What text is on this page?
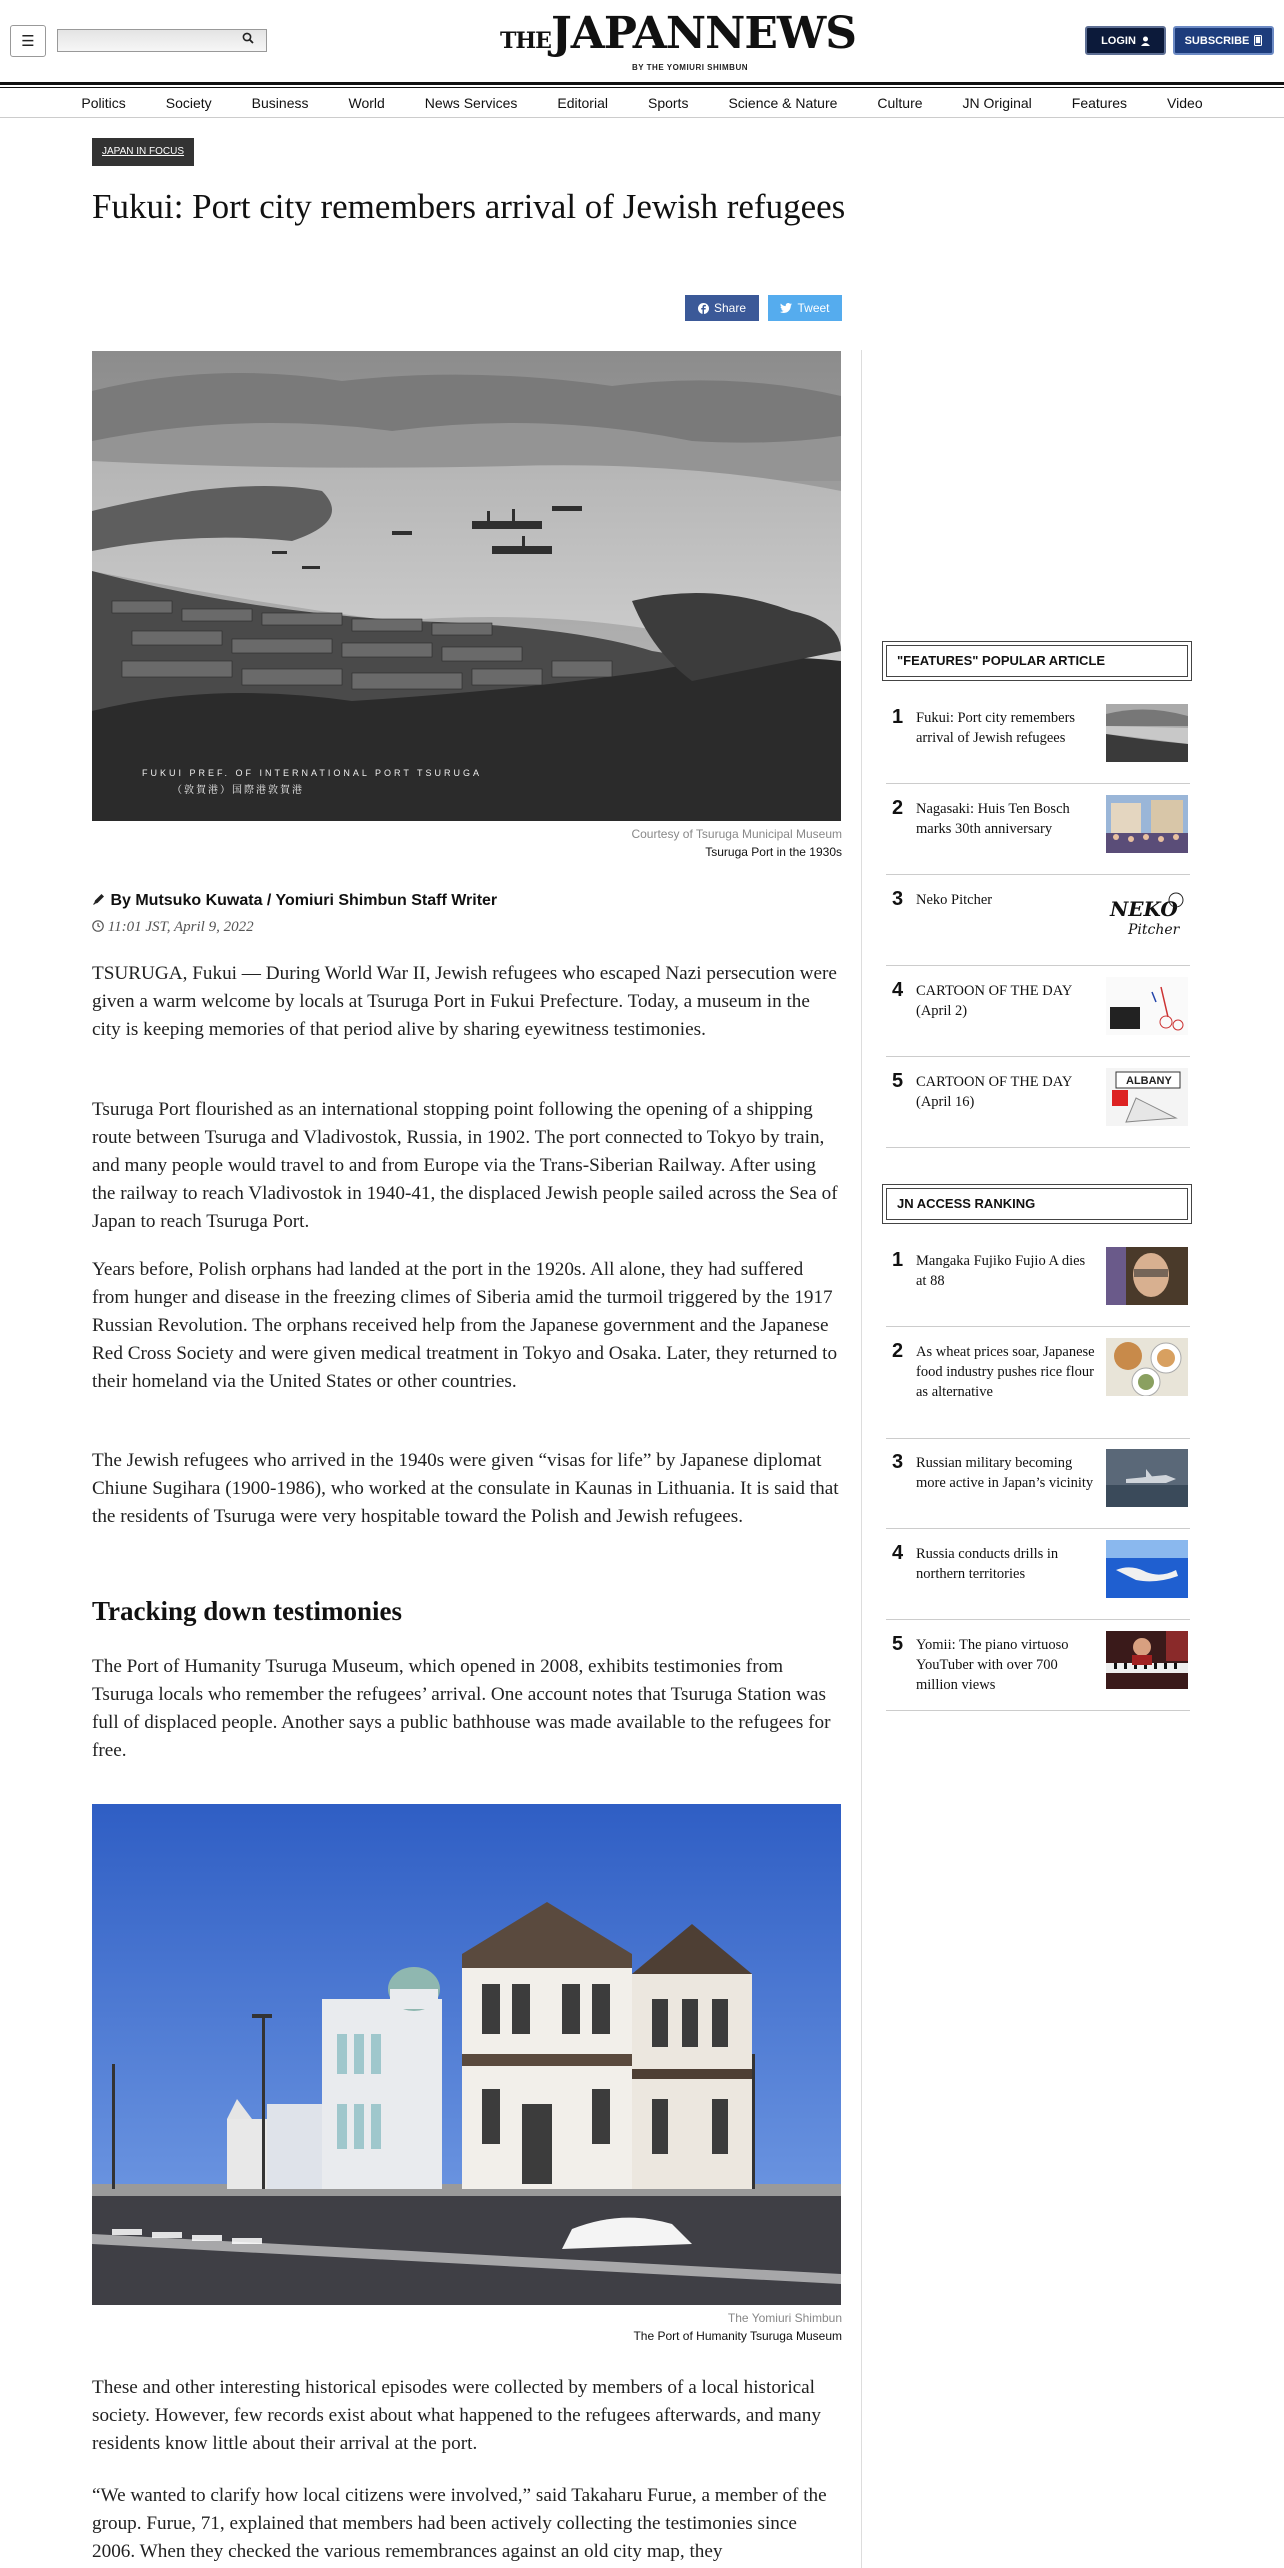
☰	THEJAPANNEWS
BY THE YOMIURI SHIMBUN
LOGIN	SUBSCRIBE
Politics	Society	Business	World	News Services	Editorial	Sports	Science & Nature	Culture	JN Original	Features	Video
JAPAN IN FOCUS
Fukui: Port city remembers arrival of Jewish refugees
Share	Tweet
FUKUI PREF. OF INTERNATIONAL PORT TSURUGA
（敦賀港）国際港敦賀港
Courtesy of Tsuruga Municipal Museum
Tsuruga Port in the 1930s
By Mutsuko Kuwata / Yomiuri Shimbun Staff Writer
11:01 JST, April 9, 2022

TSURUGA, Fukui — During World War II, Jewish refugees who escaped Nazi persecution were given a warm welcome by locals at Tsuruga Port in Fukui Prefecture. Today, a museum in the city is keeping memories of that period alive by sharing eyewitness testimonies.

Tsuruga Port flourished as an international stopping point following the opening of a shipping route between Tsuruga and Vladivostok, Russia, in 1902. The port connected to Tokyo by train, and many people would travel to and from Europe via the Trans-Siberian Railway. After using the railway to reach Vladivostok in 1940-41, the displaced Jewish people sailed across the Sea of Japan to reach Tsuruga Port.

Years before, Polish orphans had landed at the port in the 1920s. All alone, they had suffered from hunger and disease in the freezing climes of Siberia amid the turmoil triggered by the 1917 Russian Revolution. The orphans received help from the Japanese government and the Japanese Red Cross Society and were given medical treatment in Tokyo and Osaka. Later, they returned to their homeland via the United States or other countries.

The Jewish refugees who arrived in the 1940s were given “visas for life” by Japanese diplomat Chiune Sugihara (1900-1986), who worked at the consulate in Kaunas in Lithuania. It is said that the residents of Tsuruga were very hospitable toward the Polish and Jewish refugees.

Tracking down testimonies

The Port of Humanity Tsuruga Museum, which opened in 2008, exhibits testimonies from Tsuruga locals who remember the refugees’ arrival. One account notes that Tsuruga Station was full of displaced people. Another says a public bathhouse was made available to the refugees for free.

The Yomiuri Shimbun
The Port of Humanity Tsuruga Museum

These and other interesting historical episodes were collected by members of a local historical society. However, few records exist about what happened to the refugees afterwards, and many residents know little about their arrival at the port.

“We wanted to clarify how local citizens were involved,” said Takaharu Furue, a member of the group. Furue, 71, explained that members had been actively collecting the testimonies since 2006. When they checked the various remembrances against an old city map, they

"FEATURES" POPULAR ARTICLE
1 Fukui: Port city remembers arrival of Jewish refugees
2 Nagasaki: Huis Ten Bosch marks 30th anniversary
3 Neko Pitcher	NEKO
Pitcher
4 CARTOON OF THE DAY (April 2)
5 CARTOON OF THE DAY (April 16)
ALBANY
JN ACCESS RANKING
1 Mangaka Fujiko Fujio A dies at 88
2 As wheat prices soar, Japanese food industry pushes rice flour as alternative
3 Russian military becoming more active in Japan’s vicinity
4 Russia conducts drills in northern territories
5 Yomii: The piano virtuoso YouTuber with over 700 million views
